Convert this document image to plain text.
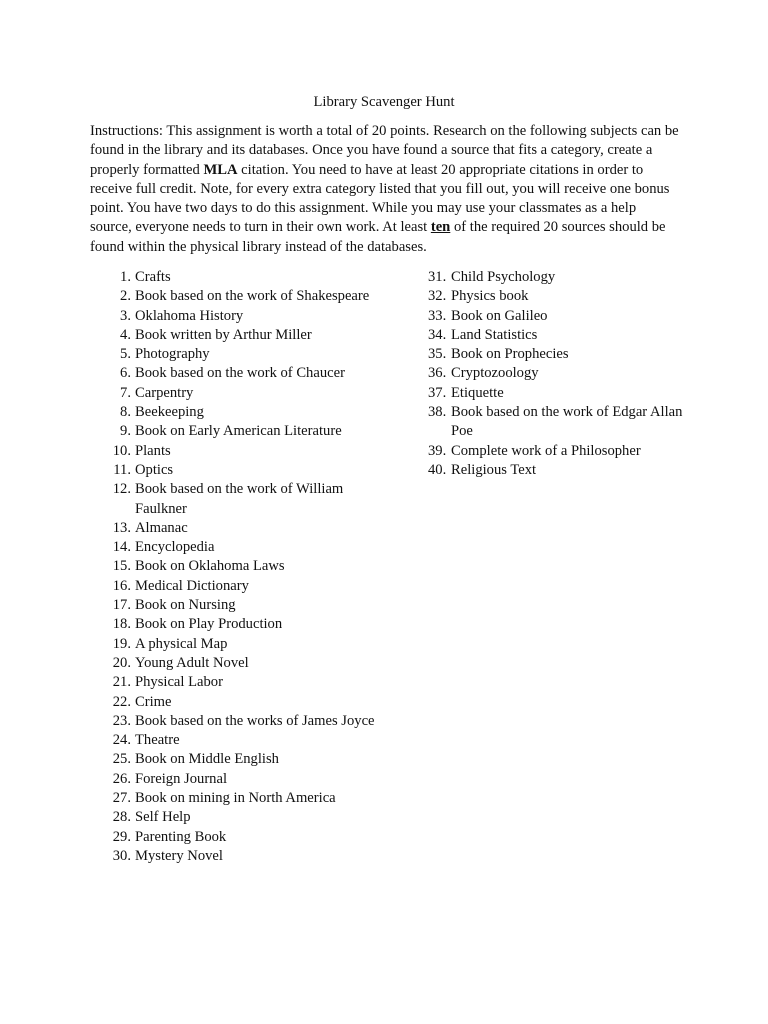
Library Scavenger Hunt

Instructions: This assignment is worth a total of 20 points. Research on the following subjects can be found in the library and its databases. Once you have found a source that fits a category, create a properly formatted MLA citation. You need to have at least 20 appropriate citations in order to receive full credit. Note, for every extra category listed that you fill out, you will receive one bonus point. You have two days to do this assignment. While you may use your classmates as a help source, everyone needs to turn in their own work. At least ten of the required 20 sources should be found within the physical library instead of the databases.

1. Crafts
2. Book based on the work of Shakespeare
3. Oklahoma History
4. Book written by Arthur Miller
5. Photography
6. Book based on the work of Chaucer
7. Carpentry
8. Beekeeping
9. Book on Early American Literature
10. Plants
11. Optics
12. Book based on the work of William Faulkner
13. Almanac
14. Encyclopedia
15. Book on Oklahoma Laws
16. Medical Dictionary
17. Book on Nursing
18. Book on Play Production
19. A physical Map
20. Young Adult Novel
21. Physical Labor
22. Crime
23. Book based on the works of James Joyce
24. Theatre
25. Book on Middle English
26. Foreign Journal
27. Book on mining in North America
28. Self Help
29. Parenting Book
30. Mystery Novel
31. Child Psychology
32. Physics book
33. Book on Galileo
34. Land Statistics
35. Book on Prophecies
36. Cryptozoology
37. Etiquette
38. Book based on the work of Edgar Allan Poe
39. Complete work of a Philosopher
40. Religious Text
